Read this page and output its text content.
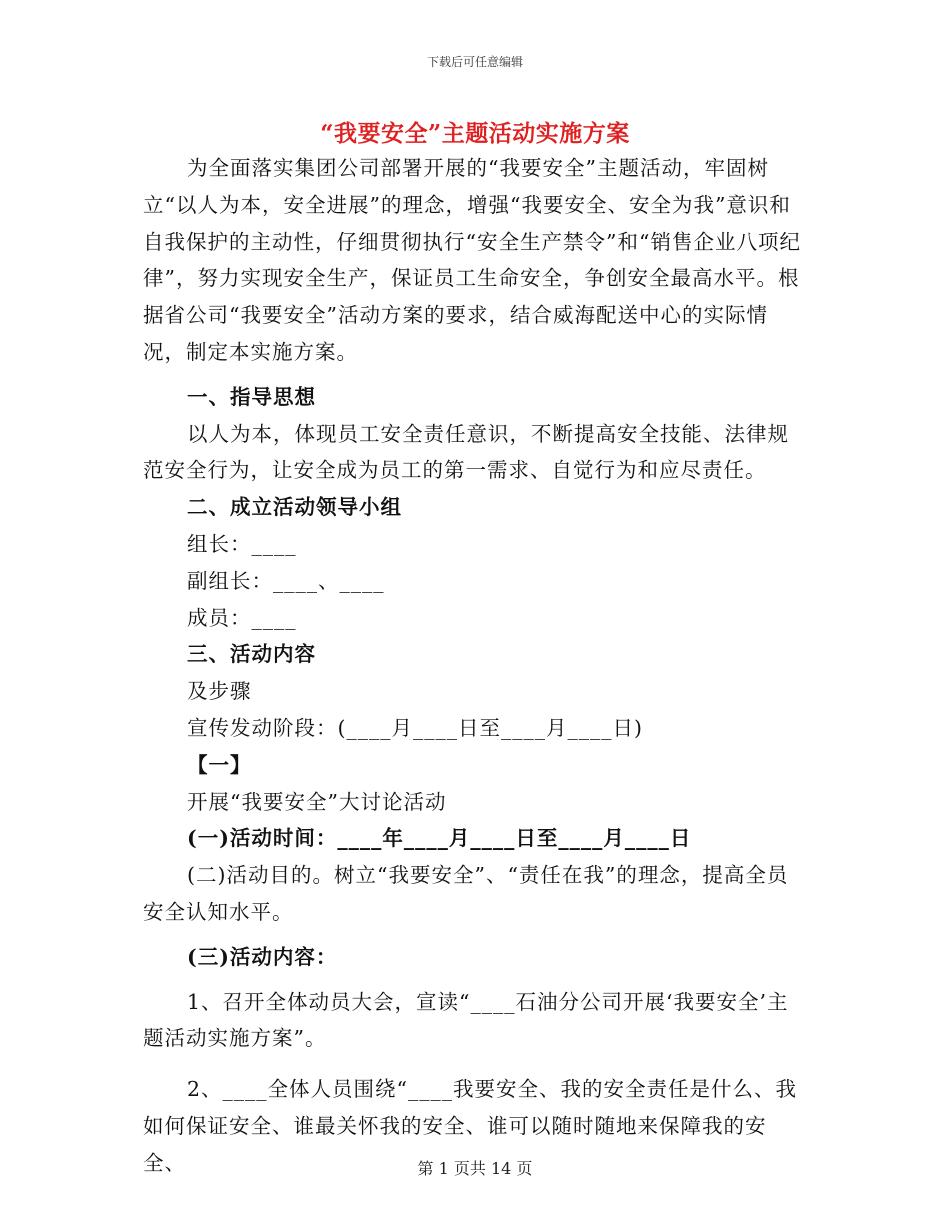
下载后可任意编辑
“我要安全”主题活动实施方案

为全面落实集团公司部署开展的“我要安全”主题活动，牢固树立“以人为本，安全进展”的理念，增强“我要安全、安全为我”意识和自我保护的主动性，仔细贯彻执行“安全生产禁令”和“销售企业八项纪律”，努力实现安全生产，保证员工生命安全，争创安全最高水平。根据省公司“我要安全”活动方案的要求，结合威海配送中心的实际情况，制定本实施方案。

一、指导思想

以人为本，体现员工安全责任意识，不断提高安全技能、法律规范安全行为，让安全成为员工的第一需求、自觉行为和应尽责任。

二、成立活动领导小组

组长：____

副组长：____、____

成员：____

三、活动内容

及步骤

宣传发动阶段：(____月____日至____月____日)

【一】

开展“我要安全”大讨论活动

(一)活动时间：____年____月____日至____月____日

(二)活动目的。树立“我要安全”、“责任在我”的理念，提高全员安全认知水平。

(三)活动内容：

1、召开全体动员大会，宣读“____石油分公司开展‘我要安全’主题活动实施方案”。

2、____全体人员围绕“____我要安全、我的安全责任是什么、我如何保证安全、谁最关怀我的安全、谁可以随时随地来保障我的安全、	第 1 页共 14 页
